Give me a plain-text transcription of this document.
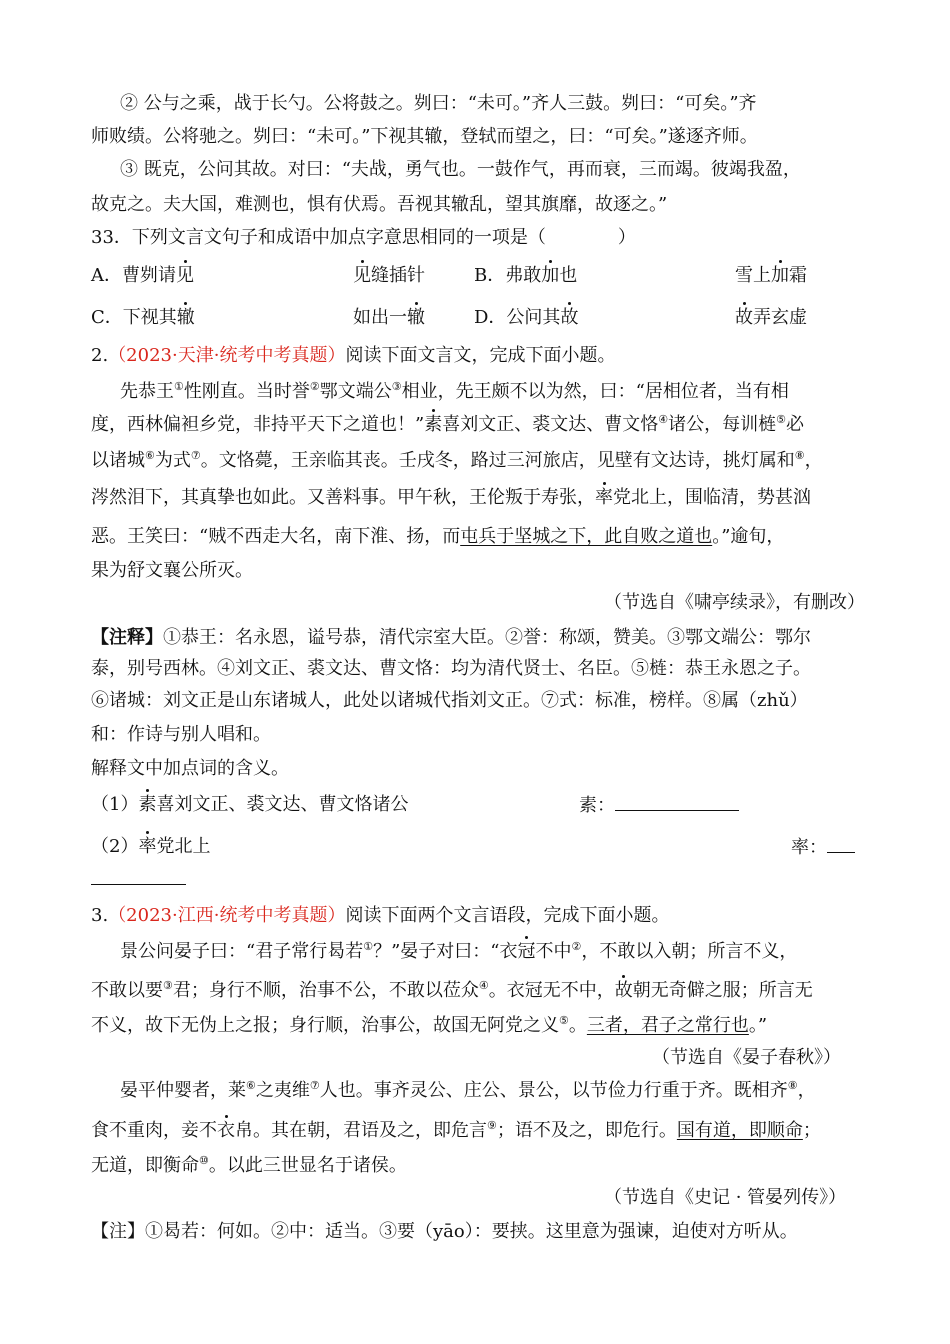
② 公与之乘，战于长勺。公将鼓之。刿曰：“未可。”齐人三鼓。刿曰：“可矣。”齐
师败绩。公将驰之。刿曰：“未可。”下视其辙，登轼而望之，曰：“可矣。”遂逐齐师。
③ 既克，公问其故。对曰：“夫战，勇气也。一鼓作气，再而衰，三而竭。彼竭我盈，
故克之。夫大国，难测也，惧有伏焉。吾视其辙乱，望其旗靡，故逐之。”
33．下列文言文句子和成语中加点字意思相同的一项是（　　　　）
A．曹刿请见	见缝插针	B．弗敢加也	雪上加霜
C．下视其辙	如出一辙	D．公问其故	故弄玄虚
2.（2023·天津·统考中考真题）阅读下面文言文，完成下面小题。
先恭王①性刚直。当时誉②鄂文端公③相业，先王颇不以为然，曰：“居相位者，当有相
度，西林偏袒乡党，非持平天下之道也！”素喜刘文正、裘文达、曹文恪④诸公，每训梿⑤必
以诸城⑥为式⑦。文恪薨，王亲临其丧。壬戌冬，路过三河旅店，见壁有文达诗，挑灯属和⑧，
涔然泪下，其真挚也如此。又善料事。甲午秋，王伦叛于寿张，率党北上，围临清，势甚汹
恶。王笑曰：“贼不西走大名，南下淮、扬，而屯兵于坚城之下，此自败之道也。”逾旬，
果为舒文襄公所灭。
（节选自《啸亭续录》，有删改）
【注释】①恭王：名永恩，谥号恭，清代宗室大臣。②誉：称颂，赞美。③鄂文端公：鄂尔
泰，别号西林。④刘文正、裘文达、曹文恪：均为清代贤士、名臣。⑤梿：恭王永恩之子。
⑥诸城：刘文正是山东诸城人，此处以诸城代指刘文正。⑦式：标准，榜样。⑧属（zhǔ）
和：作诗与别人唱和。
解释文中加点词的含义。
（1）素喜刘文正、裘文达、曹文恪诸公	素：
（2）率党北上	率：
3.（2023·江西·统考中考真题）阅读下面两个文言语段，完成下面小题。
景公问晏子曰：“君子常行曷若①？”晏子对曰：“衣冠不中②，不敢以入朝；所言不义，
不敢以要③君；身行不顺，治事不公，不敢以莅众④。衣冠无不中，故朝无奇僻之服；所言无
不义，故下无伪上之报；身行顺，治事公，故国无阿党之义⑤。三者，君子之常行也。”
（节选自《晏子春秋》）
晏平仲婴者，莱⑥之夷维⑦人也。事齐灵公、庄公、景公，以节俭力行重于齐。既相齐⑧，
食不重肉，妾不衣帛。其在朝，君语及之，即危言⑨；语不及之，即危行。国有道，即顺命；
无道，即衡命⑩。以此三世显名于诸侯。
（节选自《史记 · 管晏列传》）
【注】①曷若：何如。②中：适当。③要（yāo）：要挟。这里意为强谏，迫使对方听从。
